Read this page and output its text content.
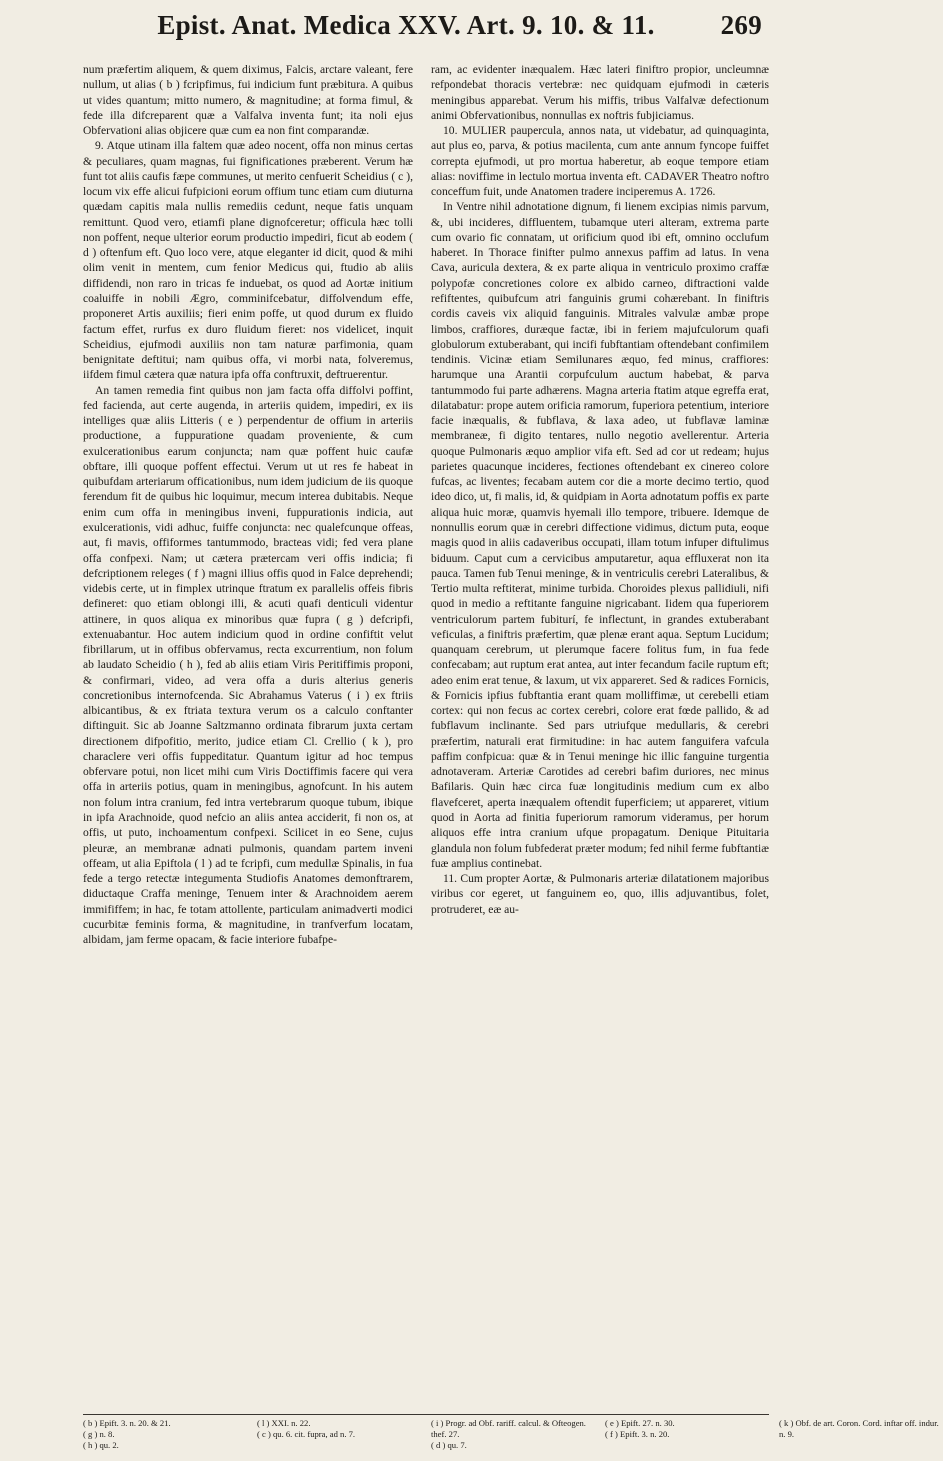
Epist. Anat. Medica XXV. Art. 9. 10. & 11.	269

num præfertim aliquem, & quem diximus, Falcis, arctare valeant, fere nullum, ut alias ( b ) fcripfimus, fui indicium funt præbitura. A quibus ut vides quantum; mitto numero, & magnitudine; at forma fimul, & fede illa difcreparent quæ a Valfalva inventa funt; ita noli ejus Obfervationi alias objicere quæ cum ea non fint comparandæ.

9. Atque utinam illa faltem quæ adeo nocent, offa non minus certas & peculiares, quam magnas, fui fignificationes præberent. Verum hæ funt tot aliis caufis fæpe communes, ut merito cenfuerit Scheidius ( c ), locum vix effe alicui fufpicioni eorum offium tunc etiam cum diuturna quædam capitis mala nullis remediis cedunt, neque fatis unquam remittunt. Quod vero, etiamfi plane dignofceretur; officula hæc tolli non poffent, neque ulterior eorum productio impediri, ficut ab eodem ( d ) oftenfum eft. Quo loco vere, atque eleganter id dicit, quod & mihi olim venit in mentem, cum fenior Medicus qui, ftudio ab aliis diffidendi, non raro in tricas fe induebat, os quod ad Aortæ initium coaluiffe in nobili Ægro, comminifcebatur, diffolvendum effe, proponeret Artis auxiliis; fieri enim poffe, ut quod durum ex fluido factum effet, rurfus ex duro fluidum fieret: nos videlicet, inquit Scheidius, ejufmodi auxiliis non tam naturæ parfimonia, quam benignitate deftitui; nam quibus offa, vi morbi nata, folveremus, iifdem fimul cætera quæ natura ipfa offa conftruxit, deftruerentur.

An tamen remedia fint quibus non jam facta offa diffolvi poffint, fed facienda, aut certe augenda, in arteriis quidem, impediri, ex iis intelliges quæ aliis Litteris ( e ) perpendentur de offium in arteriis productione, a fuppuratione quadam proveniente, & cum exulcerationibus earum conjuncta; nam quæ poffent huic caufæ obftare, illi quoque poffent effectui. Verum ut ut res fe habeat in quibufdam arteriarum officationibus, num idem judicium de iis quoque ferendum fit de quibus hic loquimur, mecum interea dubitabis. Neque enim cum offa in meningibus inveni, fuppurationis indicia, aut exulcerationis, vidi adhuc, fuiffe conjuncta: nec qualefcunque offeas, aut, fi mavis, offiformes tantummodo, bracteas vidi; fed vera plane offa confpexi. Nam; ut cætera prætercam veri offis indicia; fi defcriptionem releges ( f ) magni illius offis quod in Falce deprehendi; videbis certe, ut in fimplex utrinque ftratum ex parallelis offeis fibris defineret: quo etiam oblongi illi, & acuti quafi denticuli videntur attinere, in quos aliqua ex minoribus quæ fupra ( g ) defcripfi, extenuabantur. Hoc autem indicium quod in ordine confiftit velut fibrillarum, ut in offibus obfervamus, recta excurrentium, non folum ab laudato Scheidio ( h ), fed ab aliis etiam Viris Peritiffimis proponi, & confirmari, video, ad vera offa a duris alterius generis concretionibus internofcenda. Sic Abrahamus Vaterus ( i ) ex ftriis albicantibus, & ex ftriata textura verum os a calculo conftanter diftinguit. Sic ab Joanne Saltzmanno ordinata fibrarum juxta certam directionem difpofitio, merito, judice etiam Cl. Crellio ( k ), pro characlere veri offis fuppeditatur. Quantum igitur ad hoc tempus obfervare potui, non licet mihi cum Viris Doctiffimis facere qui vera offa in arteriis potius, quam in meningibus, agnofcunt. In his autem non folum intra cranium, fed intra vertebrarum quoque tubum, ibique in ipfa Arachnoide, quod nefcio an aliis antea acciderit, fi non os, at offis, ut puto, inchoamentum confpexi. Scilicet in eo Sene, cujus pleuræ, an membranæ adnati pulmonis, quandam partem inveni offeam, ut alia Epiftola ( l ) ad te fcripfi, cum medullæ Spinalis, in fua fede a tergo retectæ integumenta Studiofis Anatomes demonftrarem, diductaque Craffa meninge, Tenuem inter & Arachnoidem aerem immififfem; in hac, fe totam attollente, particulam animadverti modici cucurbitæ feminis forma, & magnitudine, in tranfverfum locatam, albidam, jam ferme opacam, & facie interiore fubafpe-

ram, ac evidenter inæqualem. Hæc lateri finiftro propior, uncleumnæ refpondebat thoracis vertebræ: nec quidquam ejufmodi in cæteris meningibus apparebat. Verum his miffis, tribus Valfalvæ defectionum animi Obfervationibus, nonnullas ex noftris fubjiciamus.

10. MULIER paupercula, annos nata, ut videbatur, ad quinquaginta, aut plus eo, parva, & potius macilenta, cum ante annum fyncope fuiffet correpta ejufmodi, ut pro mortua haberetur, ab eoque tempore etiam alias: noviffime in lectulo mortua inventa eft. CADAVER Theatro noftro conceffum fuit, unde Anatomen tradere inciperemus A. 1726.

In Ventre nihil adnotatione dignum, fi lienem excipias nimis parvum, &, ubi incideres, diffluentem, tubamque uteri alteram, extrema parte cum ovario fic connatam, ut orificium quod ibi eft, omnino occlufum haberet. In Thorace finifter pulmo annexus paffim ad latus. In vena Cava, auricula dextera, & ex parte aliqua in ventriculo proximo craffæ polypofæ concretiones colore ex albido carneo, diftractioni valde refiftentes, quibufcum atri fanguinis grumi cohærebant. In finiftris cordis caveis vix aliquid fanguinis. Mitrales valvulæ ambæ prope limbos, craffiores, duræque factæ, ibi in feriem majufculorum quafi globulorum extuberabant, qui incifi fubftantiam oftendebant confimilem tendinis. Vicinæ etiam Semilunares æquo, fed minus, craffiores: harumque una Arantii corpufculum auctum habebat, & parva tantummodo fui parte adhærens. Magna arteria ftatim atque egreffa erat, dilatabatur: prope autem orificia ramorum, fuperiora petentium, interiore facie inæqualis, & fubflava, & laxa adeo, ut fubflavæ laminæ membraneæ, fi digito tentares, nullo negotio avellerentur. Arteria quoque Pulmonaris æquo amplior vifa eft. Sed ad cor ut redeam; hujus parietes quacunque incideres, fectiones oftendebant ex cinereo colore fufcas, ac liventes; fecabam autem cor die a morte decimo tertio, quod ideo dico, ut, fi malis, id, & quidpiam in Aorta adnotatum poffis ex parte aliqua huic moræ, quamvis hyemali illo tempore, tribuere. Idemque de nonnullis eorum quæ in cerebri diffectione vidimus, dictum puta, eoque magis quod in aliis cadaveribus occupati, illam totum infuper diftulimus biduum. Caput cum a cervicibus amputaretur, aqua effluxerat non ita pauca. Tamen fub Tenui meninge, & in ventriculis cerebri Lateralibus, & Tertio multa reftiterat, minime turbida. Choroides plexus pallidiuli, nifi quod in medio a reftitante fanguine nigricabant. Iidem qua fuperiorem ventriculorum partem fubiturí, fe inflectunt, in grandes extuberabant veficulas, a finiftris præfertim, quæ plenæ erant aqua. Septum Lucidum; quanquam cerebrum, ut plerumque facere folitus fum, in fua fede confecabam; aut ruptum erat antea, aut inter fecandum facile ruptum eft; adeo enim erat tenue, & laxum, ut vix appareret. Sed & radices Fornicis, & Fornicis ipfius fubftantia erant quam molliffimæ, ut cerebelli etiam cortex: qui non fecus ac cortex cerebri, colore erat fœde pallido, & ad fubflavum inclinante. Sed pars utriufque medullaris, & cerebri præfertim, naturali erat firmitudine: in hac autem fanguifera vafcula paffim confpicua: quæ & in Tenui meninge hic illic fanguine turgentia adnotaveram. Arteriæ Carotides ad cerebri bafim duriores, nec minus Bafilaris. Quin hæc circa fuæ longitudinis medium cum ex albo flavefceret, aperta inæqualem oftendit fuperficiem; ut appareret, vitium quod in Aorta ad finitia fuperiorum ramorum videramus, per horum aliquos effe intra cranium ufque propagatum. Denique Pituitaria glandula non folum fubfederat præter modum; fed nihil ferme fubftantiæ fuæ amplius continebat.

11. Cum propter Aortæ, & Pulmonaris arteriæ dilatationem majoribus viribus cor egeret, ut fanguinem eo, quo, illis adjuvantibus, folet, protruderet, eæ au-

( b ) Epift. 3. n. 20. & 21.
( g ) n. 8.
( h ) qu. 2.
( l ) XXI. n. 22.
( c ) qu. 6. cit. fupra, ad n. 7.
( i ) Progr. ad Obf. rariff. calcul. & Ofteogen. thef. 27.
( d ) qu. 7.
( e ) Epift. 27. n. 30.
( f ) Epift. 3. n. 20.
( k ) Obf. de art. Coron. Cord. inftar off. indur. n. 9.
